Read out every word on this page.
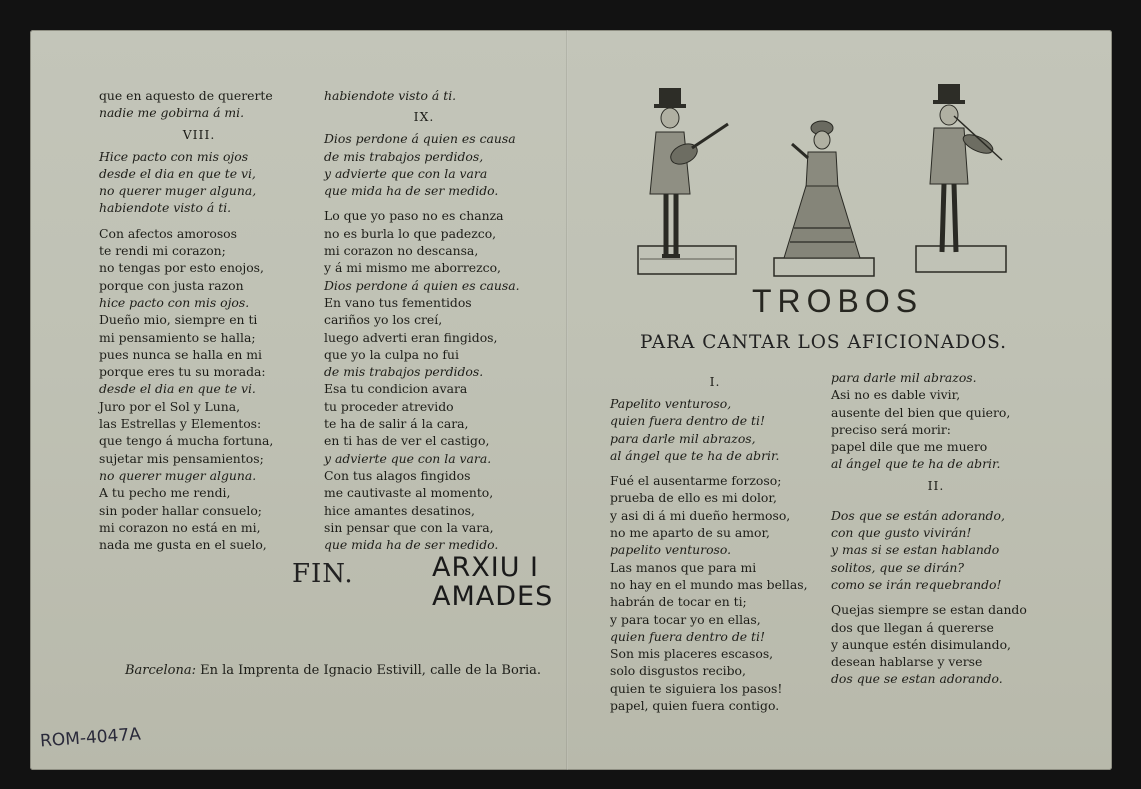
que en aquesto de quererte
nadie me gobirna á mi.
VIII.
Hice pacto con mis ojos
desde el dia en que te vi,
no querer muger alguna,
habiendote visto á ti.
Con afectos amorosos
te rendi mi corazon;
no tengas por esto enojos,
porque con justa razon
hice pacto con mis ojos.
Dueño mio, siempre en ti
mi pensamiento se halla;
pues nunca se halla en mi
porque eres tu su morada:
desde el dia en que te vi.
Juro por el Sol y Luna,
las Estrellas y Elementos:
que tengo á mucha fortuna,
sujetar mis pensamientos;
no querer muger alguna.
A tu pecho me rendi,
sin poder hallar consuelo;
mi corazon no está en mi,
nada me gusta en el suelo,
habiendote visto á ti.
IX.
Dios perdone á quien es causa
de mis trabajos perdidos,
y advierte que con la vara
que mida ha de ser medido.
Lo que yo paso no es chanza
no es burla lo que padezco,
mi corazon no descansa,
y á mi mismo me aborrezco,
Dios perdone á quien es causa.
En vano tus fementidos
cariños yo los creí,
luego adverti eran fingidos,
que yo la culpa no fui
de mis trabajos perdidos.
Esa tu condicion avara
tu proceder atrevido
te ha de salir á la cara,
en ti has de ver el castigo,
y advierte que con la vara.
Con tus alagos fingidos
me cautivaste al momento,
hice amantes desatinos,
sin pensar que con la vara,
que mida ha de ser medido.
FIN.	ARXIU I
AMADES
Barcelona: En la Imprenta de Ignacio Estivill, calle de la Boria.
ROM-4047A
TROBOS
PARA CANTAR LOS AFICIONADOS.
I.
Papelito venturoso,
quien fuera dentro de ti!
para darle mil abrazos,
al ángel que te ha de abrir.
Fué el ausentarme forzoso;
prueba de ello es mi dolor,
y asi di á mi dueño hermoso,
no me aparto de su amor,
papelito venturoso.
Las manos que para mi
no hay en el mundo mas bellas,
habrán de tocar en ti;
y para tocar yo en ellas,
quien fuera dentro de ti!
Son mis placeres escasos,
solo disgustos recibo,
quien te siguiera los pasos!
papel, quien fuera contigo.
para darle mil abrazos.
Asi no es dable vivir,
ausente del bien que quiero,
preciso será morir:
papel dile que me muero
al ángel que te ha de abrir.
II.
Dos que se están adorando,
con que gusto vivirán!
y mas si se estan hablando
solitos, que se dirán?
como se irán requebrando!
Quejas siempre se estan dando
dos que llegan á quererse
y aunque estén disimulando,
desean hablarse y verse
dos que se estan adorando.
